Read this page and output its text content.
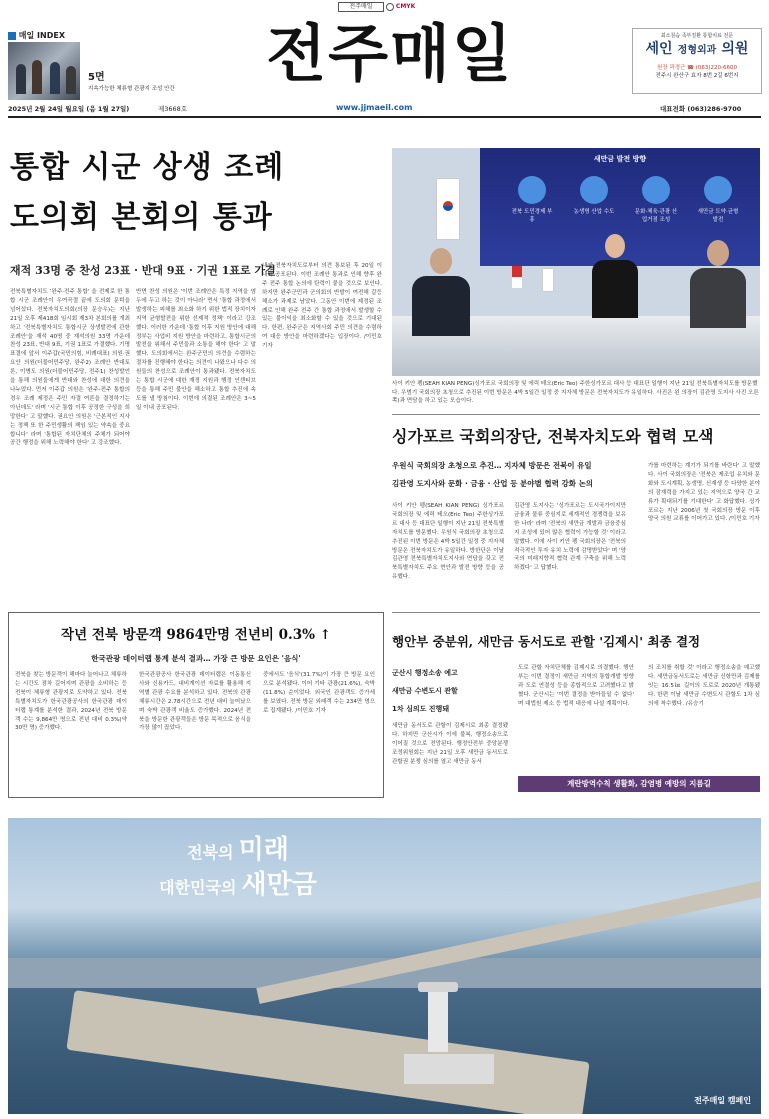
전주매일	CMYK
매일 INDEX
5면
지속가능한 체류형 관광지 조성 안간	전주매일	최소침습 족부질환 통합치료 전문
세인 정형외과 의원
원장 곽경근 ☎ (063)220-6600
전주시 완산구 효자 8번 2길 6번지
2025년 2월 24일 월요일 (음 1월 27일)	제3668호	www.jjmaeil.com	대표전화 (063)286-9700
통합 시군 상생 조례
도의회 본회의 통과
재적 33명 중 찬성 23표 · 반대 9표 · 기권 1표로 가결
전북특별자치도 '완주·전주 통합' 을 전제로 한 통합 시군 조례안이 우여곡절 끝에 도의회 문턱을 넘어섰다. 전북자치도의회(의장 문승우)는 지난 21일 오후 제418회 임시회 제3차 본회의를 개최하고 '전북특별자치도 통합시군 상생발전에 관한 조례안'을 재석 40명 중 재석의원 33명 가운데 찬성 23표, 반대 9표, 기권 1표로 가결했다. 기명 표결에 앞서 이주갑(국민의힘, 비례대표) 의원·권요안 의원(더불어민주당, 완주2) 조례안 반대토론, 이병도 의원(더불어민주당, 전주1) 찬성발언을 통해 의원들에게 반대와 찬성에 대한 의견을 나누었다. 먼저 이주갑 의원은 '완주-전주 통합의 경우 조례 제정은 주민 자결 여론을 결정하기는 아닌데도' 라며 '시군 통합 이후 공정한 구성을 희망한다' 고 말했다. 권요안 의원은 '근본적인 지사는 정책 또 한 주민생활의 책임 있는 약속을 중요합니다' 라며 '통합된 자치단체의 주체가 되어야 공간 행정을 위해 노력해야 한다' 고 강조했다.
반면 찬성 의원은 '이번 조례안은 특정 지역을 염두에 두고 하는 것이 아니라' 면서 '통합 과정에서 발생하는 피해를 최소화 하기 위한 법적 장치이자 지역 균형발전을 위한 선제적 정책' 이라고 강조했다. 이러한 가운데 '통합 이후 지원 방안에 대해 정부는 사업비 지원 방안을 마련하고, 통합시군의 발전을 위해서 주민들과 소통을 해야 한다' 고 말했다. 도의회에서는 완주군민의 의견을 수렴하는 절차를 진행해야 한다는 의견이 나왔으나 다수 의원들의 찬성으로 조례안이 통과됐다. 전북자치도는 통합 시군에 대한 재정 지원과 행정 인센티브 등을 통해 주민 불안을 해소하고 통합 추진에 속도를 낼 방침이다. 이번에 의결된 조례안은 3~5일 이내 공포된다.
내에 전북자치도로부터 의견 통보된 후 20일 이내에 공포된다. 이번 조례안 통과로 인해 향후 완주 전주 통합 논의에 탄력이 붙을 것으로 보인다. 하지만 완주군민과 군의회의 반발이 여전해 갈등 해소가 과제로 남았다. 그동안 이번에 제정된 조례로 인해 완주 전주 간 통합 과정에서 발생할 수 있는 불이익을 최소화할 수 있을 것으로 기대된다. 한편, 완주군은 지역사회 주민 의견을 수렴하여 대응 방안을 마련하겠다는 입장이다. /이민호 기자
새만금 발전 방향
전북 도민경제 부흥
농생명 산업 수도	문화·체육·관광 산업거점 조성
새만금 도약·균형 발전
사이 키안 펭(SEAH KIAN PENG)싱가포르 국회의장 및 에릭 테오(Eric Teo) 주한싱가포르 대사 등 대표단 일행이 지난 21일 전북특별자치도를 방문했다. 우범기 국회의장 초청으로 추진된 이번 방문은 4박 5일간 일정 중 지자체 방문은 전북자치도가 유일하다. 사진은 왼 의장이 김관영 도지사 사진 오른쪽)과 면담을 하고 있는 모습이다.
싱가포르 국회의장단, 전북자치도와 협력 모색
우원식 국회의장 초청으로 추진… 지자체 방문은 전북이 유일
김관영 도지사와 문화 · 금융 · 산업 등 분야별 협력 강화 논의
사이 키안 펭(SEAH KIAN PENG) 싱가포르 국회의장 및 에릭 테오(Eric Teo) 주한싱가포르 대사 등 대표단 일행이 지난 21일 전북특별자치도를 방문했다. 우원식 국회의장 초청으로 추진된 이번 방문은 4박 5일간 일정 중 지자체 방문은 전북자치도가 유일하다. 방한단은 이날 김관영 전북특별자치도지사와 면담을 갖고 전북특별자치도 주요 현안과 발전 방향 등을 공유했다.
김관영 도지사는 '싱가포르는 도시국가이지만 금융과 물류 중심지로 세계적인 경쟁력을 보유한 나라' 라며 '전북의 새만금 개발과 금융중심지 조성에 있어 많은 협력이 가능할 것' 이라고 말했다. 이에 사이 키안 펭 국회의장은 '전북의 적극적인 투자 유치 노력에 감명받았다' 며 '양국의 미래지향적 협력 관계 구축을 위해 노력하겠다' 고 답했다.
가를 마련하는 계기가 되기를 바란다' 고 말했다. 사이 국회의장은 '전북은 제조업 유치와 문화와 도시계획, 농생명, 신재생 등 다양한 분야의 잠재력을 가지고 있는 지역으로 양국 간 교류가 확대되기를 기대한다' 고 화답했다. 싱가포르는 지난 2006년 첫 국회의장 방문 이후 양국 의원 교류를 이어가고 있다. /이민호 기자
작년 전북 방문객 9864만명 전년비 0.3% ↑
한국관광 데이터랩 통계 분석 결과… 가장 큰 방문 요인은 '음식'
전북을 찾는 방문객이 해마다 늘어나고 체류하는 시간도 점차 길어지며 관광을 소비하는 등 전북이 체류형 관광지로 도약하고 있다. 전북특별자치도가 한국관광공사의 한국관광 데이터랩 통계를 분석한 결과, 2024년 전북 방문객 수는 9,864만 명으로 전년 대비 0.3%(약 30만 명) 증가했다.
한국관광공사 한국관광 데이터랩은 이동통신사와 신용카드, 내비게이션 자료를 활용해 지역별 관광 수요를 분석하고 있다. 전북의 관광 체류시간은 2.78시간으로 전년 대비 늘어났으며 숙박 관광객 비율도 증가했다. 2024년 전북을 방문한 관광객들은 방문 목적으로 음식을 가장 많이 꼽았다.
중에서도 '음식'(31.7%)이 가장 큰 방문 요인으로 분석됐다. 이어 기타 관광(21.6%), 숙박(11.8%) 순이었다. 외국인 관광객도 증가세를 보였다. 전북 방문 외래객 수는 234만 명으로 집계됐다. /이민호 기자
행안부 중분위, 새만금 동서도로 관할 '김제시' 최종 결정
군산시 행정소송 예고
새만금 수변도시 관할
1차 심의도 진행돼
새만금 동서도로 관할이 김제시로 최종 결정됐다. 하지만 군산시가 이에 불복, 행정소송으로 이어질 것으로 전망된다. 행정안전부 중앙분쟁조정위원회는 지난 21일 오후 새만금 동서도로 관할권 분쟁 심의를 열고 새만금 동서
도로 관할 자치단체를 김제시로 의결했다. 행안부는 이번 결정이 새만금 지역의 통합개발 방향과 도로 연결성 등을 종합적으로 고려했다고 밝혔다. 군산시는 '이번 결정을 받아들일 수 없다' 며 대법원 제소 등 법적 대응에 나설 계획이다.
의 조치를 취할 것' 이라고 행정소송을 예고했다. 새만금동서도로는 새만금 신항만과 김제를 잇는 16.5㎞ 길이의 도로로 2020년 개통됐다. 한편 이날 새만금 수변도시 관할도 1차 심의에 착수했다. /유승기
계란방역수칙 생활화, 감염병 예방의 지름길
전북의 미래
대한민국의 새만금
전주매일 캠페인
